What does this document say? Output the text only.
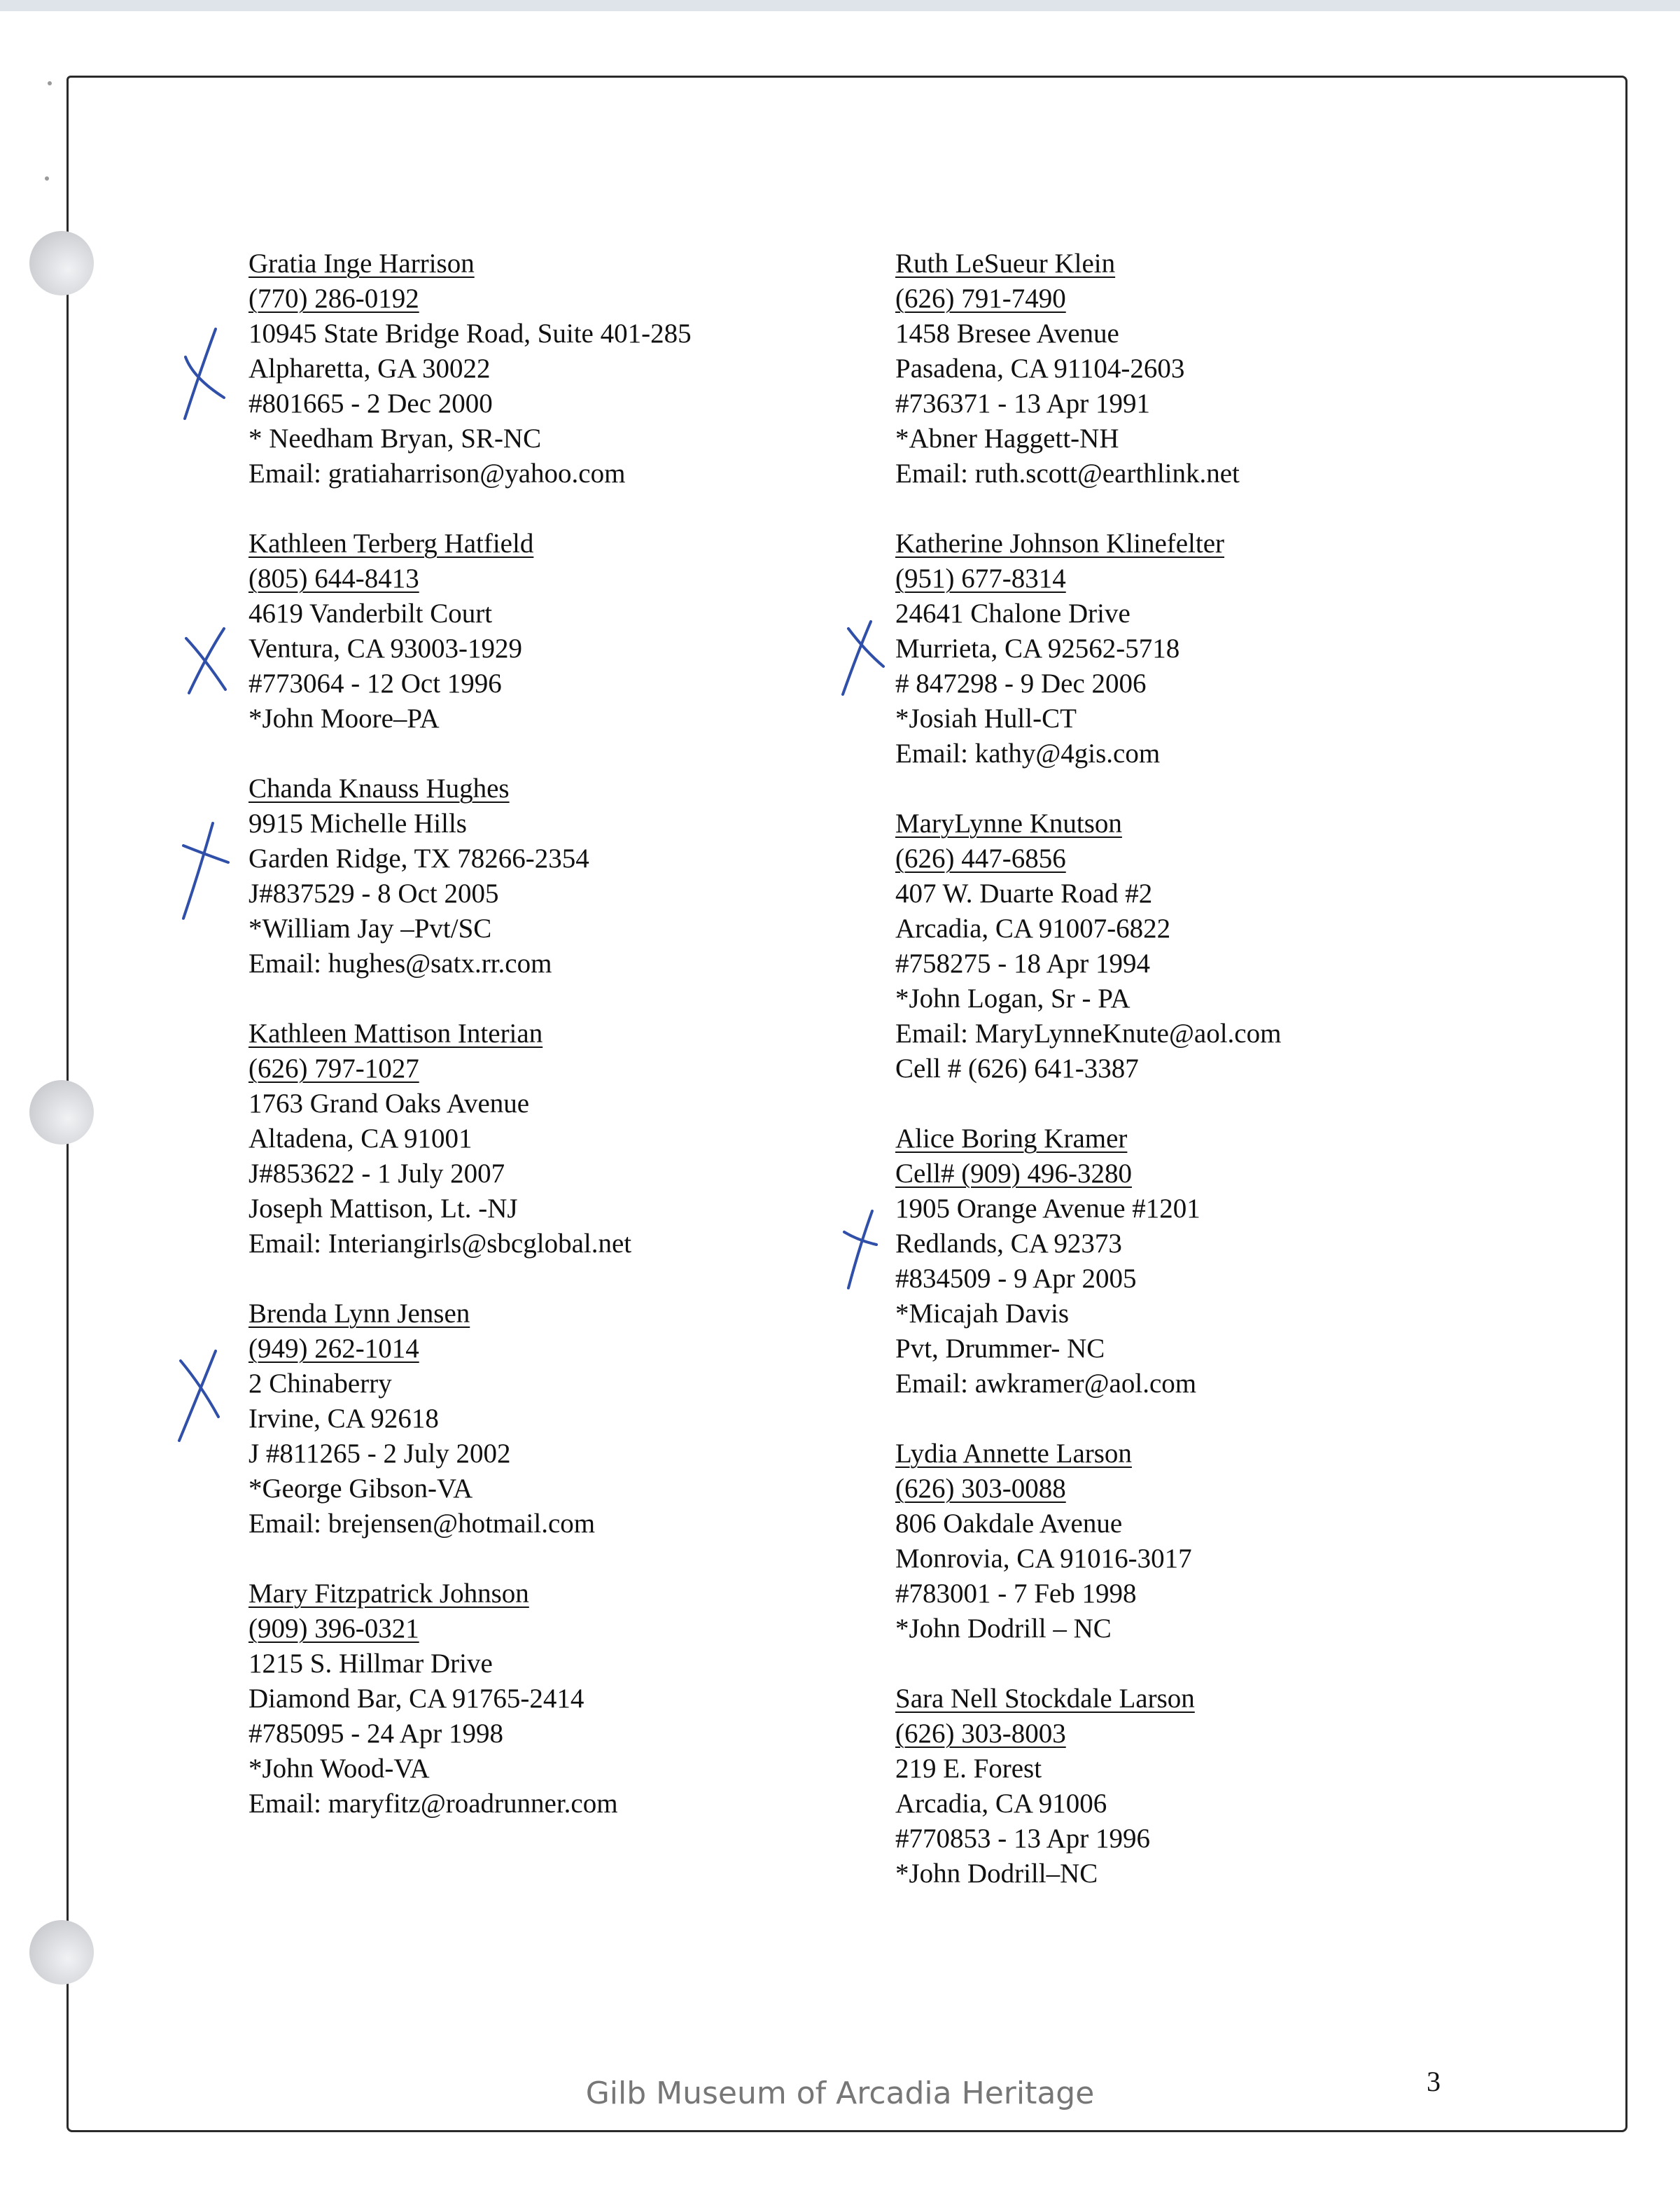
Gratia Inge Harrison
(770) 286-0192
10945 State Bridge Road, Suite 401-285
Alpharetta, GA 30022
#801665 - 2 Dec 2000
* Needham Bryan, SR-NC
Email: gratiaharrison@yahoo.com
Kathleen Terberg Hatfield
(805) 644-8413
4619 Vanderbilt Court
Ventura, CA 93003-1929
#773064 - 12 Oct 1996
*John Moore–PA
Chanda Knauss Hughes
9915 Michelle Hills
Garden Ridge, TX 78266-2354
J#837529 - 8 Oct 2005
*William Jay –Pvt/SC
Email: hughes@satx.rr.com
Kathleen Mattison Interian
(626) 797-1027
1763 Grand Oaks Avenue
Altadena, CA 91001
J#853622 - 1 July 2007
Joseph Mattison, Lt. -NJ
Email: Interiangirls@sbcglobal.net
Brenda Lynn Jensen
(949) 262-1014
2 Chinaberry
Irvine, CA 92618
J #811265 - 2 July 2002
*George Gibson-VA
Email: brejensen@hotmail.com
Mary Fitzpatrick Johnson
(909) 396-0321
1215 S. Hillmar Drive
Diamond Bar, CA 91765-2414
#785095 - 24 Apr 1998
*John Wood-VA
Email: maryfitz@roadrunner.com
Ruth LeSueur Klein
(626) 791-7490
1458 Bresee Avenue
Pasadena, CA 91104-2603
#736371 - 13 Apr 1991
*Abner Haggett-NH
Email: ruth.scott@earthlink.net
Katherine Johnson Klinefelter
(951) 677-8314
24641 Chalone Drive
Murrieta, CA 92562-5718
# 847298 - 9 Dec 2006
*Josiah Hull-CT
Email: kathy@4gis.com
MaryLynne Knutson
(626) 447-6856
407 W. Duarte Road #2
Arcadia, CA 91007-6822
#758275 - 18 Apr 1994
*John Logan, Sr - PA
Email: MaryLynneKnute@aol.com
Cell # (626) 641-3387
Alice Boring Kramer
Cell# (909) 496-3280
1905 Orange Avenue #1201
Redlands, CA 92373
#834509 - 9 Apr 2005
*Micajah Davis
Pvt, Drummer- NC
Email: awkramer@aol.com
Lydia Annette Larson
(626) 303-0088
806 Oakdale Avenue
Monrovia, CA 91016-3017
#783001 - 7 Feb 1998
*John Dodrill – NC
Sara Nell Stockdale Larson
(626) 303-8003
219 E. Forest
Arcadia, CA 91006
#770853 - 13 Apr 1996
*John Dodrill–NC
Gilb Museum of Arcadia Heritage	3
